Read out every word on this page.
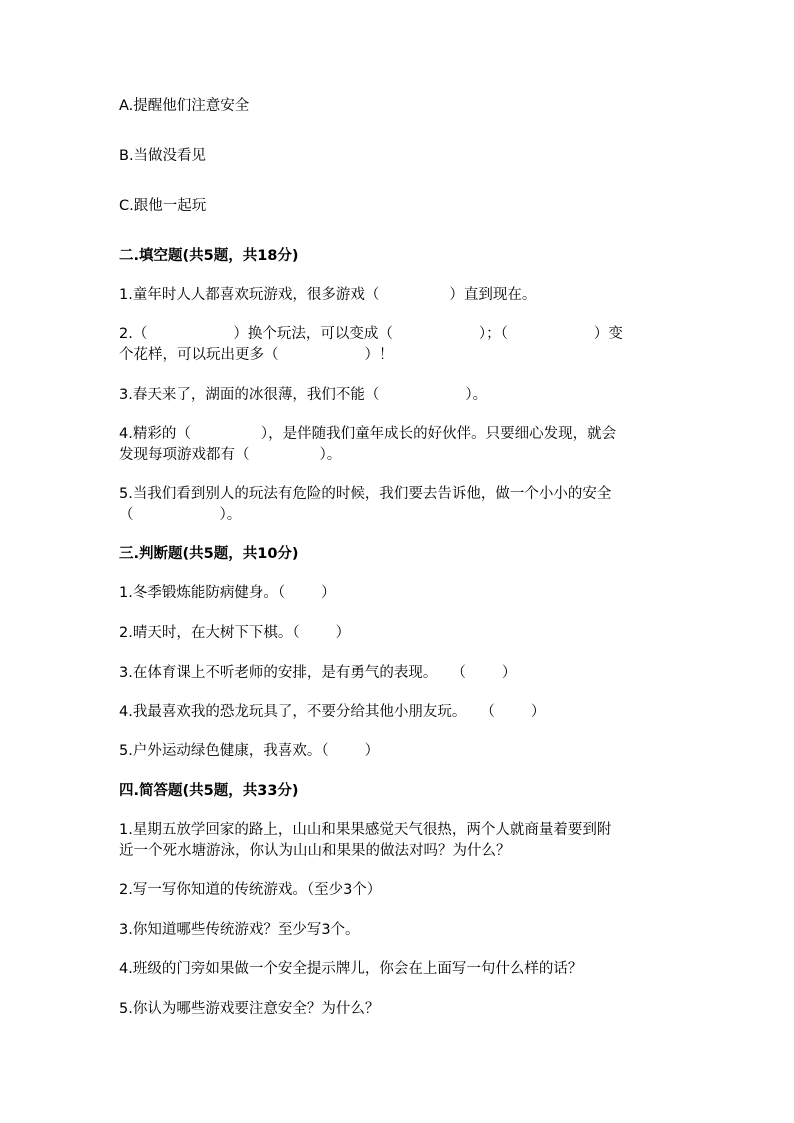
A.提醒他们注意安全
B.当做没看见
C.跟他一起玩
二.填空题(共5题，共18分)
1.童年时人人都喜欢玩游戏，很多游戏（	）直到现在。
2.（	）换个玩法，可以变成（	）；（	）变
个花样，可以玩出更多（	）！
3.春天来了，湖面的冰很薄，我们不能（	）。
4.精彩的（	），是伴随我们童年成长的好伙伴。只要细心发现，就会
发现每项游戏都有（	）。
5.当我们看到别人的玩法有危险的时候，我们要去告诉他，做一个小小的安全
（	）。
三.判断题(共5题，共10分)
1.冬季锻炼能防病健身。（ ）
2.晴天时，在大树下下棋。（ ）
3.在体育课上不听老师的安排，是有勇气的表现。 （ ）
4.我最喜欢我的恐龙玩具了，不要分给其他小朋友玩。 （ ）
5.户外运动绿色健康，我喜欢。（ ）
四.简答题(共5题，共33分)
1.星期五放学回家的路上，山山和果果感觉天气很热，两个人就商量着要到附
近一个死水塘游泳，你认为山山和果果的做法对吗？为什么？
2.写一写你知道的传统游戏。（至少3个）
3.你知道哪些传统游戏？至少写3个。
4.班级的门旁如果做一个安全提示牌儿，你会在上面写一句什么样的话？
5.你认为哪些游戏要注意安全？为什么？
